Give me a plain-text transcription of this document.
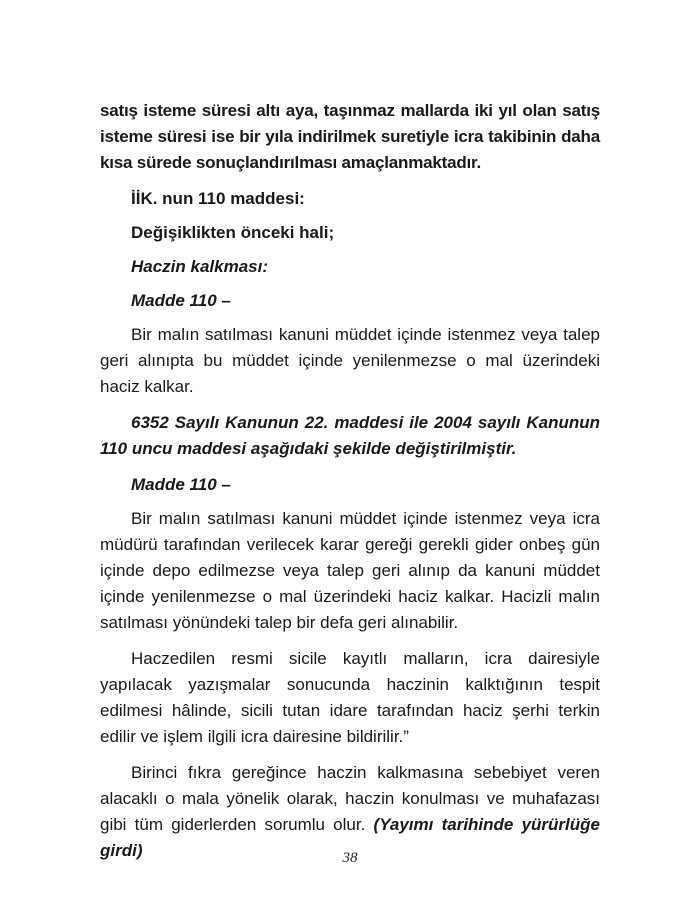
satış isteme süresi altı aya, taşınmaz mallarda iki yıl olan satış isteme süresi ise bir yıla indirilmek suretiyle icra takibinin daha kısa sürede sonuçlandırılması amaçlanmaktadır.

İİK. nun 110 maddesi:

Değişiklikten önceki hali;

Haczin kalkması:

Madde 110 –

Bir malın satılması kanuni müddet içinde istenmez veya talep geri alınıpta bu müddet içinde yenilenmezse o mal üzerindeki haciz kalkar.

6352 Sayılı Kanunun 22. maddesi ile 2004 sayılı Kanunun 110 uncu maddesi aşağıdaki şekilde değiştirilmiştir.

Madde 110 –

Bir malın satılması kanuni müddet içinde istenmez veya icra müdürü tarafından verilecek karar gereği gerekli gider onbeş gün içinde depo edilmezse veya talep geri alınıp da kanuni müddet içinde yenilenmezse o mal üzerindeki haciz kalkar. Hacizli malın satılması yönündeki talep bir defa geri alınabilir.

Haczedilen resmi sicile kayıtlı malların, icra dairesiyle yapılacak yazışmalar sonucunda haczinin kalktığının tespit edilmesi hâlinde, sicili tutan idare tarafından haciz şerhi terkin edilir ve işlem ilgili icra dairesine bildirilir.”

Birinci fıkra gereğince haczin kalkmasına sebebiyet veren alacaklı o mala yönelik olarak, haczin konulması ve muhafazası gibi tüm giderlerden sorumlu olur. (Yayımı tarihinde yürürlüğe girdi)	38
